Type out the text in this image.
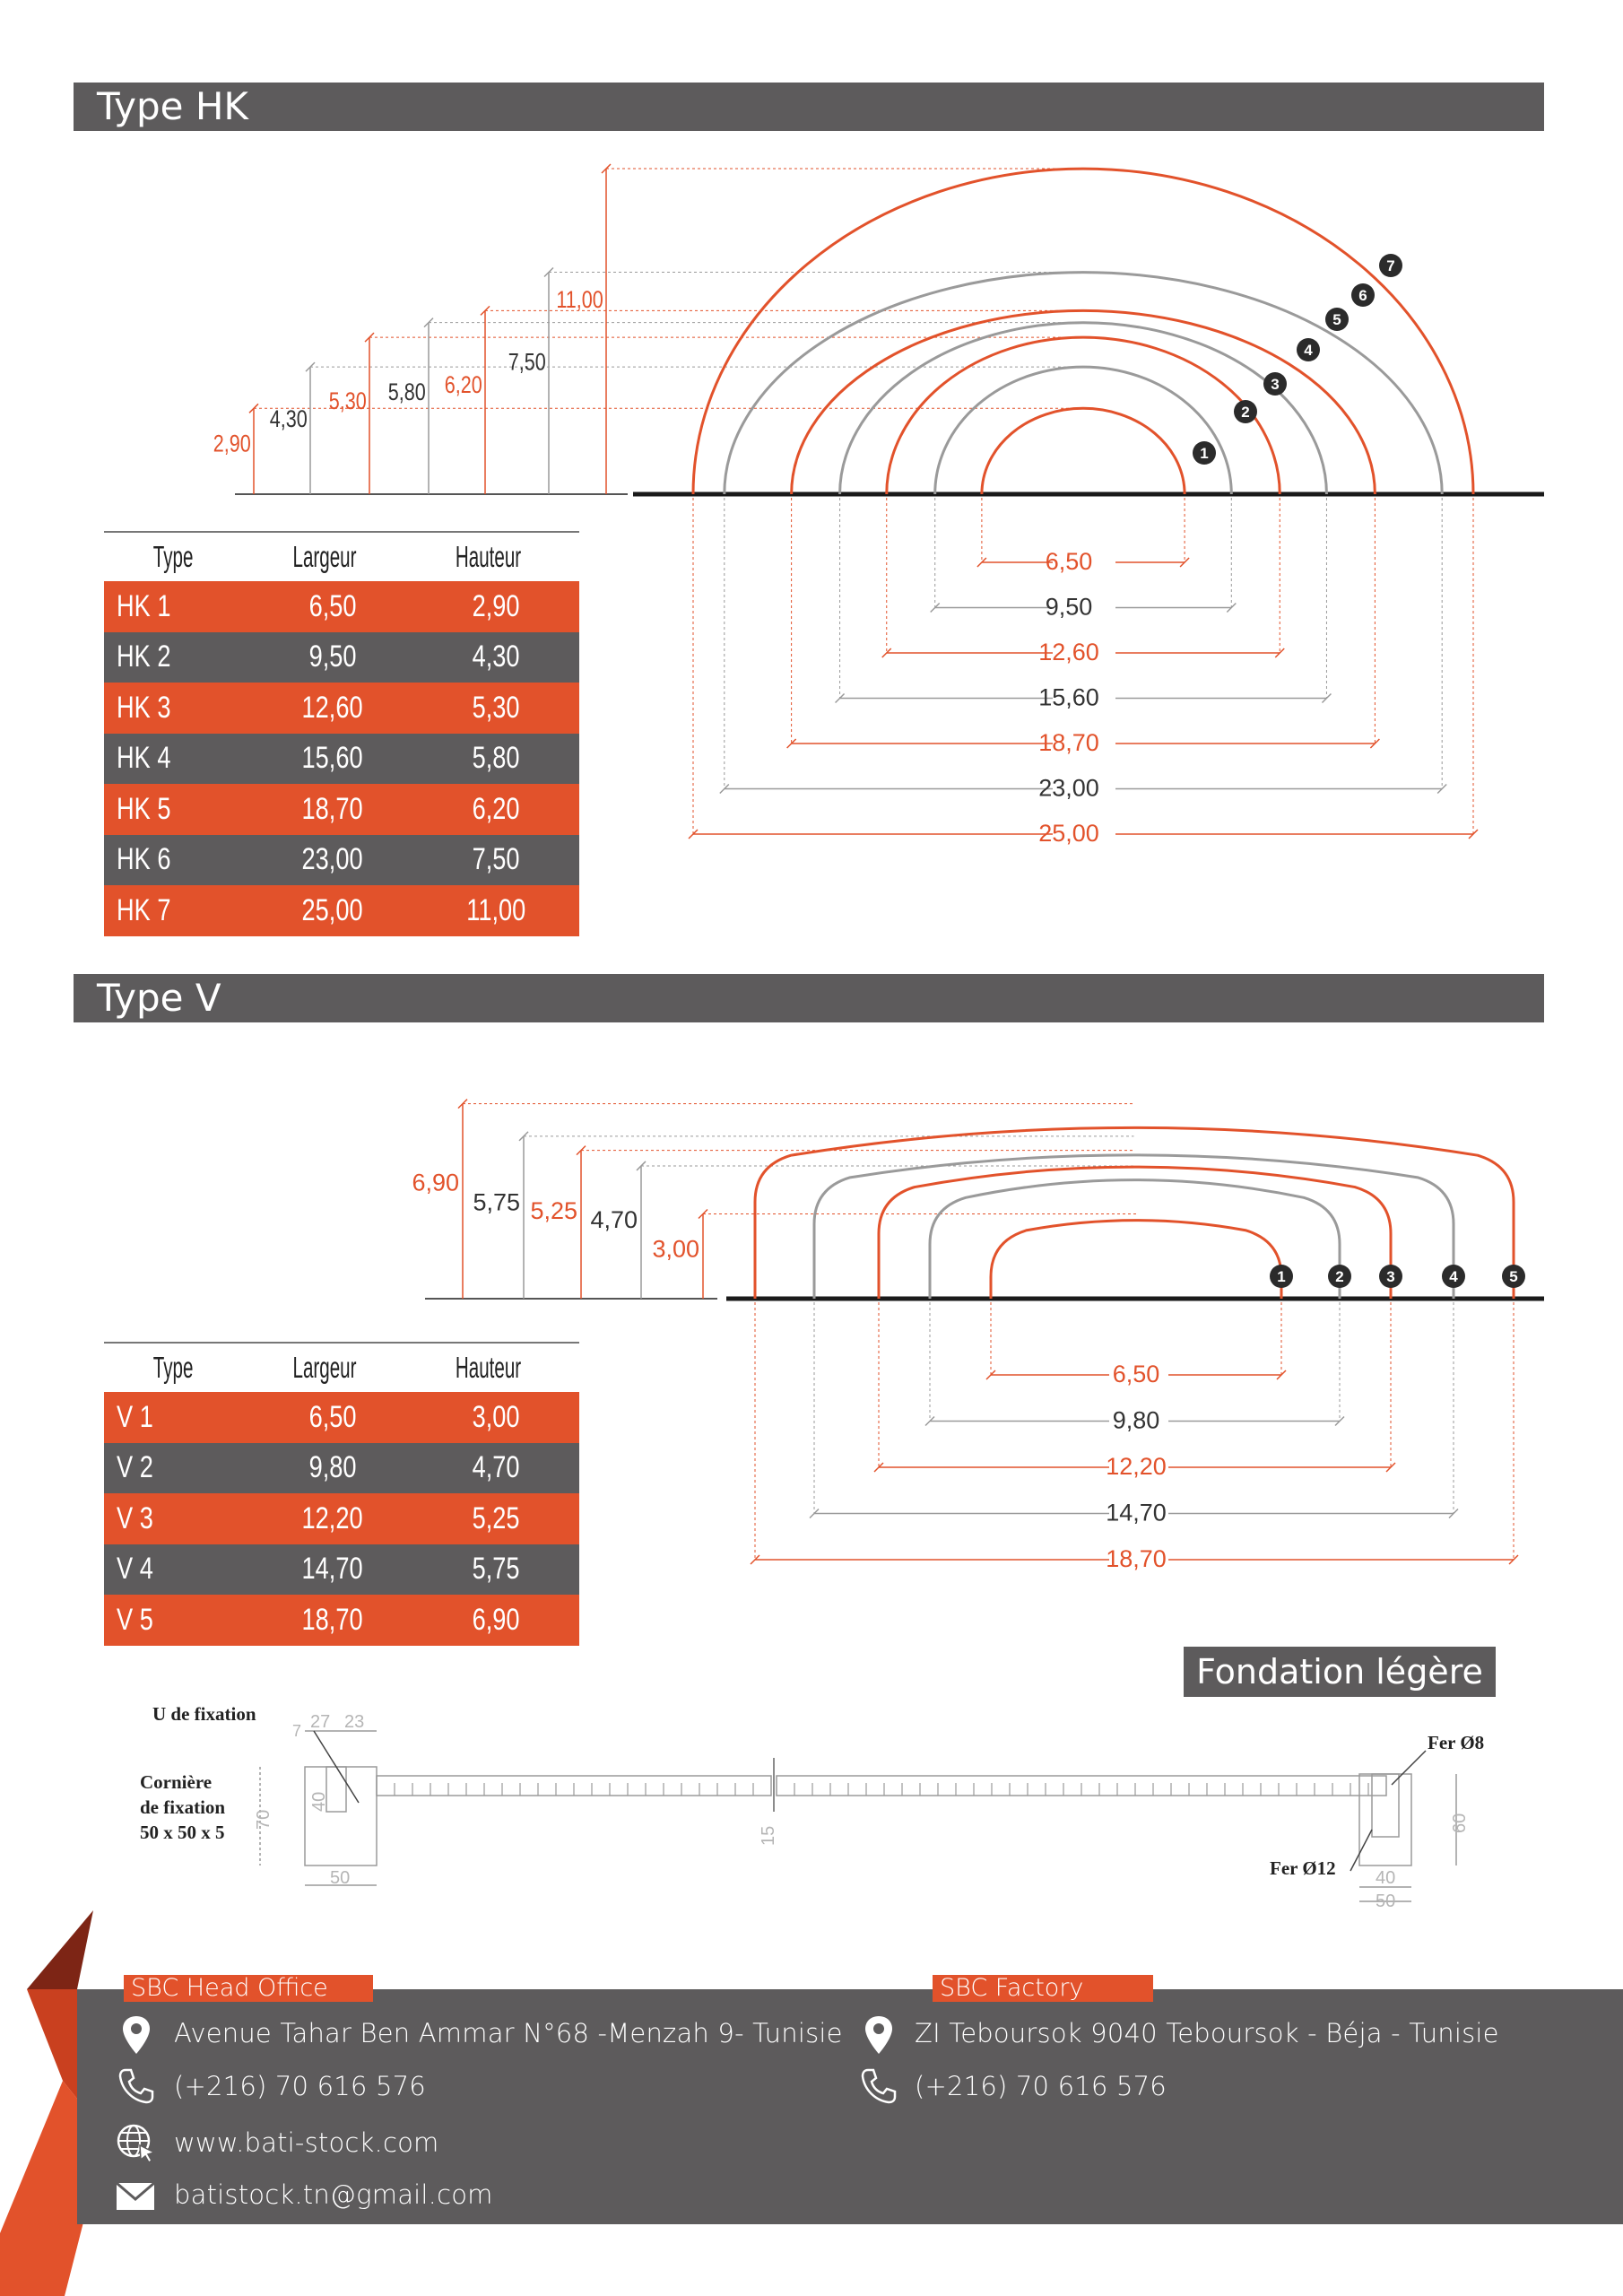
Type HK
2,90
6,50
4,30
9,50
5,30
12,60
5,80
15,60
6,20
18,70
7,50
23,00
11,00
25,00
1
2
3
4
5
6
7
Type	Largeur	Hauteur
HK 1	6,50	2,90
HK 2	9,50	4,30
HK 3	12,60	5,30
HK 4	15,60	5,80
HK 5	18,70	6,20
HK 6	23,00	7,50
HK 7	25,00	11,00
Type V
3,00
4,70
5,25
5,75
6,90
6,50
9,80
12,20
14,70
18,70
1	2	3	4	5
Type	Largeur	Hauteur
V 1	6,50	3,00
V 2	9,80	4,70
V 3	12,20	5,25
V 4	14,70	5,75
V 5	18,70	6,90
Fondation légère
U de fixation
Cornière
de fixation
50 x 50 x 5
Fer Ø8
Fer Ø12
27 23
7
40
70
50
15
60
40
50
SBC Head Office	SBC Factory
Avenue Tahar Ben Ammar N°68 -Menzah 9- Tunisie
(+216) 70 616 576
www.bati-stock.com
batistock.tn@gmail.com
ZI Teboursok 9040 Teboursok - Béja - Tunisie
(+216) 70 616 576
